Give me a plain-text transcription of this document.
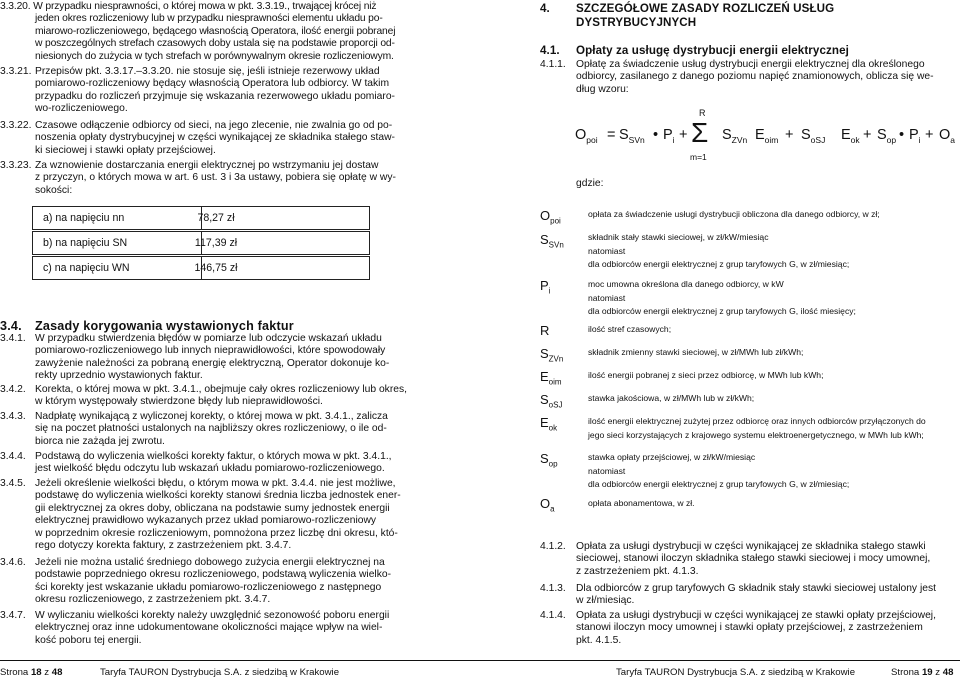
3.3.20. W przypadku niesprawności, o której mowa w pkt. 3.3.19., trwającej krócej niż
jeden okres rozliczeniowy lub w przypadku niesprawności elementu układu po-
miarowo-rozliczeniowego, będącego własnością Operatora, ilość energii pobranej
w poszczególnych strefach czasowych doby ustala się na podstawie proporcji od-
niesionych do zużycia w tych strefach w porównywalnym okresie rozliczeniowym.
3.3.21. Przepisów pkt. 3.3.17.–3.3.20. nie stosuje się, jeśli istnieje rezerwowy układ
pomiarowo-rozliczeniowy będący własnością Operatora lub odbiorcy. W takim
przypadku do rozliczeń przyjmuje się wskazania rezerwowego układu pomiaro-
wo-rozliczeniowego.
3.3.22. Czasowe odłączenie odbiorcy od sieci, na jego zlecenie, nie zwalnia go od po-
noszenia opłaty dystrybucyjnej w części wynikającej ze składnika stałego staw-
ki sieciowej i stawki opłaty przejściowej.
3.3.23. Za wznowienie dostarczania energii elektrycznej po wstrzymaniu jej dostaw
z przyczyn, o których mowa w art. 6 ust. 3 i 3a ustawy, pobiera się opłatę w wy-
sokości:
a) na napięciu nn	78,27 zł
b) na napięciu SN	117,39 zł
c) na napięciu WN	146,75 zł
3.4. Zasady korygowania wystawionych faktur
3.4.1. W przypadku stwierdzenia błędów w pomiarze lub odczycie wskazań układu
pomiarowo-rozliczeniowego lub innych nieprawidłowości, które spowodowały
zawyżenie należności za pobraną energię elektryczną, Operator dokonuje ko-
rekty uprzednio wystawionych faktur.
3.4.2. Korekta, o której mowa w pkt. 3.4.1., obejmuje cały okres rozliczeniowy lub okres,
w którym występowały stwierdzone błędy lub nieprawidłowości.
3.4.3. Nadpłatę wynikającą z wyliczonej korekty, o której mowa w pkt. 3.4.1., zalicza
się na poczet płatności ustalonych na najbliższy okres rozliczeniowy, o ile od-
biorca nie zażąda jej zwrotu.
3.4.4. Podstawą do wyliczenia wielkości korekty faktur, o których mowa w pkt. 3.4.1.,
jest wielkość błędu odczytu lub wskazań układu pomiarowo-rozliczeniowego.
3.4.5. Jeżeli określenie wielkości błędu, o którym mowa w pkt. 3.4.4. nie jest możliwe,
podstawę do wyliczenia wielkości korekty stanowi średnia liczba jednostek ener-
gii elektrycznej za okres doby, obliczana na podstawie sumy jednostek energii
elektrycznej prawidłowo wykazanych przez układ pomiarowo-rozliczeniowy
w poprzednim okresie rozliczeniowym, pomnożona przez liczbę dni okresu, któ-
rego dotyczy korekta faktury, z zastrzeżeniem pkt. 3.4.7.
3.4.6. Jeżeli nie można ustalić średniego dobowego zużycia energii elektrycznej na
podstawie poprzedniego okresu rozliczeniowego, podstawą wyliczenia wielko-
ści korekty jest wskazanie układu pomiarowo-rozliczeniowego z następnego
okresu rozliczeniowego, z zastrzeżeniem pkt. 3.4.7.
3.4.7. W wyliczaniu wielkości korekty należy uwzględnić sezonowość poboru energii
elektrycznej oraz inne udokumentowane okoliczności mające wpływ na wiel-
kość poboru tej energii.
4. SZCZEGÓŁOWE ZASADY ROZLICZEŃ USŁUG
DYSTRYBUCYJNYCH
4.1. Opłaty za usługę dystrybucji energii elektrycznej
4.1.1. Opłatę za świadczenie usług dystrybucji energii elektrycznej dla określonego
odbiorcy, zasilanego z danego poziomu napięć znamionowych, oblicza się we-
dług wzoru:
$O_{poi} = S_{SVn}$ • $P_i$ +
R
Σ
m=1
$S_{ZVn}$ $E_{oim} + S_{oSJ}$ $E_{ok} + S_{op}$ • $P_i + O_a$
gdzie:
$O_{poi}$
opłata za świadczenie usługi dystrybucji obliczona dla danego odbiorcy, w zł;
$S_{SVn}$
składnik stały stawki sieciowej, w zł/kW/miesiąc
natomiast
dla odbiorców energii elektrycznej z grup taryfowych G, w zł/miesiąc;
$P_i$
moc umowna określona dla danego odbiorcy, w kW
natomiast
dla odbiorców energii elektrycznej z grup taryfowych G, ilość miesięcy;
R	ilość stref czasowych;
$S_{ZVn}$
składnik zmienny stawki sieciowej, w zł/MWh lub zł/kWh;
$E_{oim}$
ilość energii pobranej z sieci przez odbiorcę, w MWh lub kWh;
$S_{oSJ}$
stawka jakościowa, w zł/MWh lub w zł/kWh;
$E_{ok}$
ilość energii elektrycznej zużytej przez odbiorcę oraz innych odbiorców przyłączonych do
jego sieci korzystających z krajowego systemu elektroenergetycznego, w MWh lub kWh;
$S_{op}$
stawka opłaty przejściowej, w zł/kW/miesiąc
natomiast
dla odbiorców energii elektrycznej z grup taryfowych G, w zł/miesiąc;
$O_a$
opłata abonamentowa, w zł.
4.1.2. Opłata za usługi dystrybucji w części wynikającej ze składnika stałego stawki
sieciowej, stanowi iloczyn składnika stałego stawki sieciowej i mocy umownej,
z zastrzeżeniem pkt. 4.1.3.
4.1.3. Dla odbiorców z grup taryfowych G składnik stały stawki sieciowej ustalony jest
w zł/miesiąc.
4.1.4. Opłata za usługi dystrybucji w części wynikającej ze stawki opłaty przejściowej,
stanowi iloczyn mocy umownej i stawki opłaty przejściowej, z zastrzeżeniem
pkt. 4.1.5.
Strona 18 z 48	Taryfa TAURON Dystrybucja S.A. z siedzibą w Krakowie	Taryfa TAURON Dystrybucja S.A. z siedzibą w Krakowie	Strona 19 z 48
